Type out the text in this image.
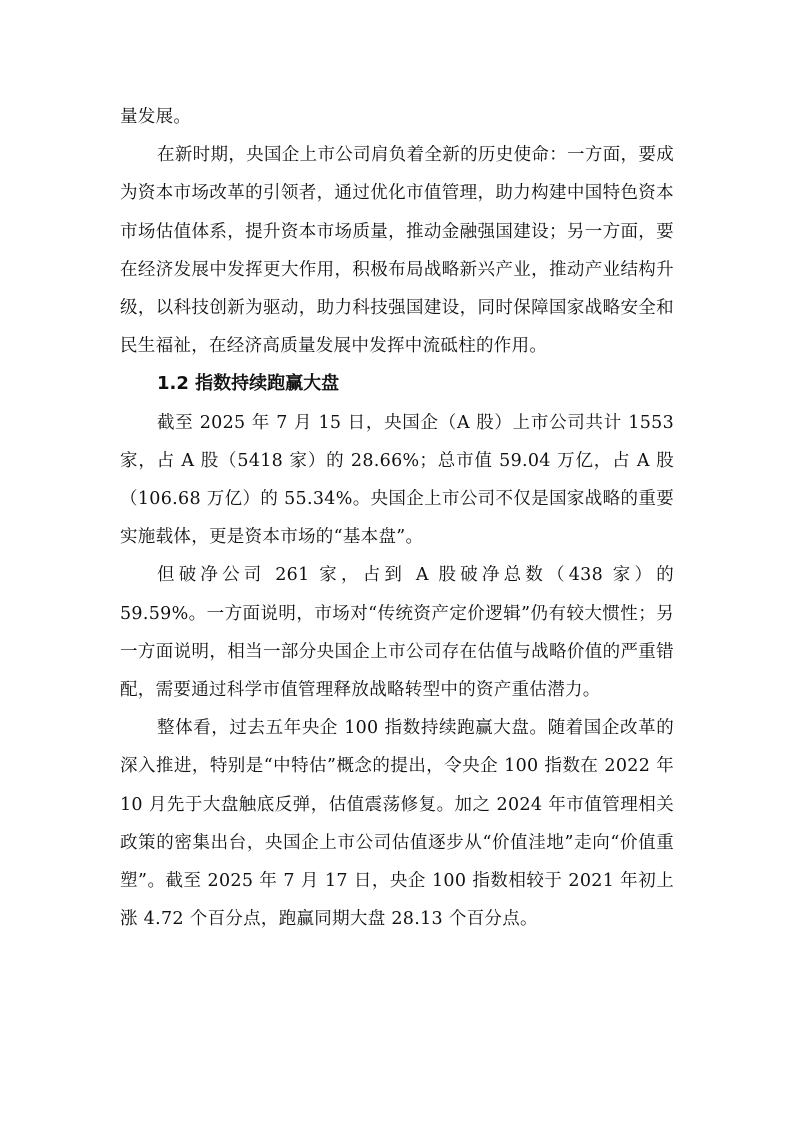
量发展。

在新时期，央国企上市公司肩负着全新的历史使命：一方面，要成为资本市场改革的引领者，通过优化市值管理，助力构建中国特色资本市场估值体系，提升资本市场质量，推动金融强国建设；另一方面，要在经济发展中发挥更大作用，积极布局战略新兴产业，推动产业结构升级，以科技创新为驱动，助力科技强国建设，同时保障国家战略安全和民生福祉，在经济高质量发展中发挥中流砥柱的作用。

1.2 指数持续跑赢大盘

截至 2025 年 7 月 15 日，央国企（A 股）上市公司共计 1553 家，占 A 股（5418 家）的 28.66%；总市值 59.04 万亿，占 A 股（106.68 万亿）的 55.34%。央国企上市公司不仅是国家战略的重要实施载体，更是资本市场的“基本盘”。

但破净公司 261 家，占到 A 股破净总数（438 家）的 59.59%。一方面说明，市场对“传统资产定价逻辑”仍有较大惯性；另一方面说明，相当一部分央国企上市公司存在估值与战略价值的严重错配，需要通过科学市值管理释放战略转型中的资产重估潜力。

整体看，过去五年央企 100 指数持续跑赢大盘。随着国企改革的深入推进，特别是“中特估”概念的提出，令央企 100 指数在 2022 年 10 月先于大盘触底反弹，估值震荡修复。加之 2024 年市值管理相关政策的密集出台，央国企上市公司估值逐步从“价值洼地”走向“价值重塑”。截至 2025 年 7 月 17 日，央企 100 指数相较于 2021 年初上涨 4.72 个百分点，跑赢同期大盘 28.13 个百分点。
